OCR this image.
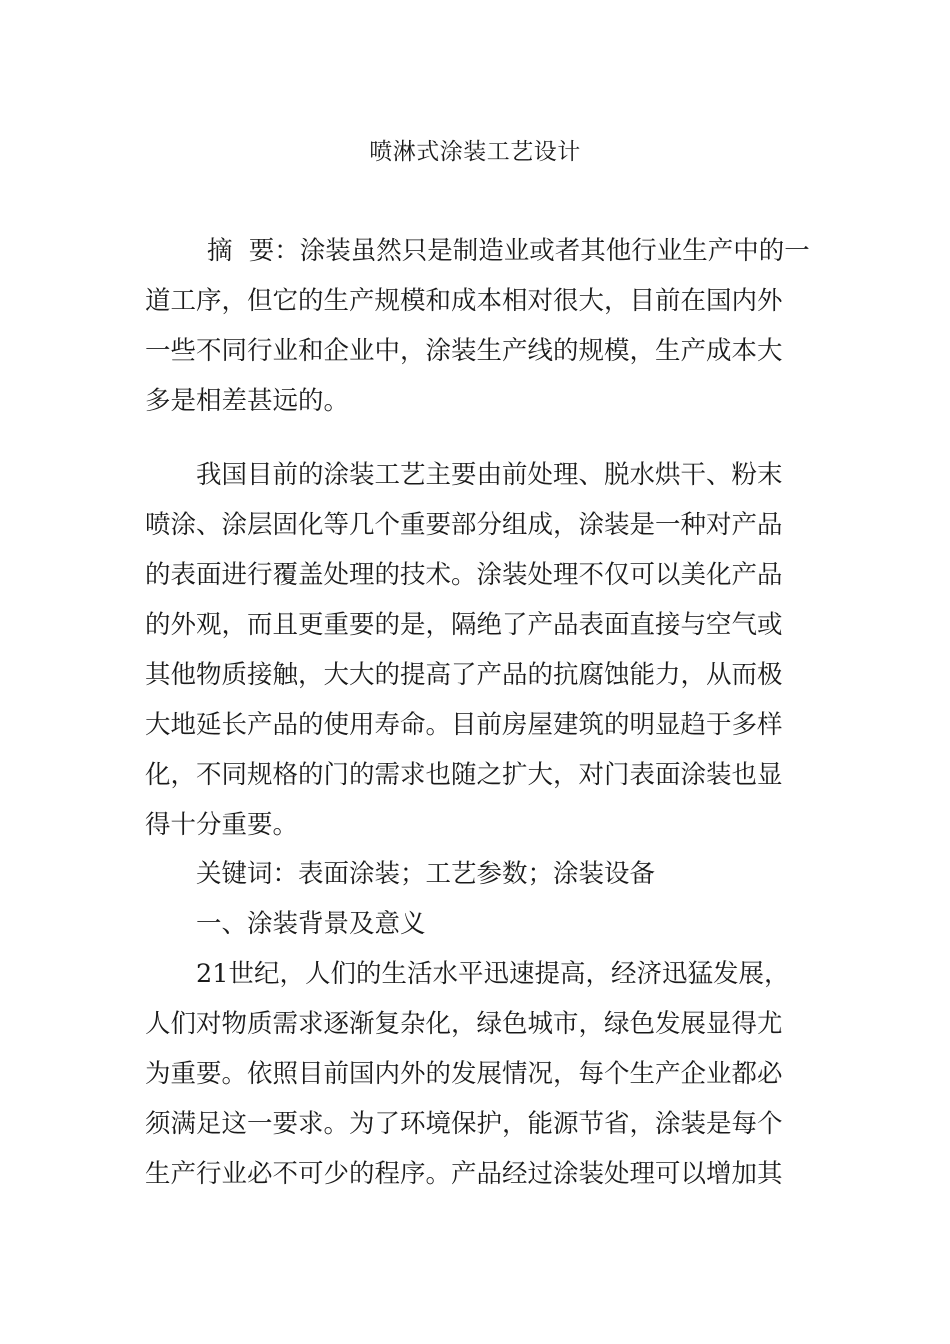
喷淋式涂装工艺设计
摘  要：涂装虽然只是制造业或者其他行业生产中的一
道工序，但它的生产规模和成本相对很大，目前在国内外
一些不同行业和企业中，涂装生产线的规模，生产成本大
多是相差甚远的。
我国目前的涂装工艺主要由前处理、脱水烘干、粉末
喷涂、涂层固化等几个重要部分组成，涂装是一种对产品
的表面进行覆盖处理的技术。涂装处理不仅可以美化产品
的外观，而且更重要的是，隔绝了产品表面直接与空气或
其他物质接触，大大的提高了产品的抗腐蚀能力，从而极
大地延长产品的使用寿命。目前房屋建筑的明显趋于多样
化，不同规格的门的需求也随之扩大，对门表面涂装也显
得十分重要。
关键词：表面涂装；工艺参数；涂装设备
一、涂装背景及意义
21世纪，人们的生活水平迅速提高，经济迅猛发展，
人们对物质需求逐渐复杂化，绿色城市，绿色发展显得尤
为重要。依照目前国内外的发展情况，每个生产企业都必
须满足这一要求。为了环境保护，能源节省，涂装是每个
生产行业必不可少的程序。产品经过涂装处理可以增加其
